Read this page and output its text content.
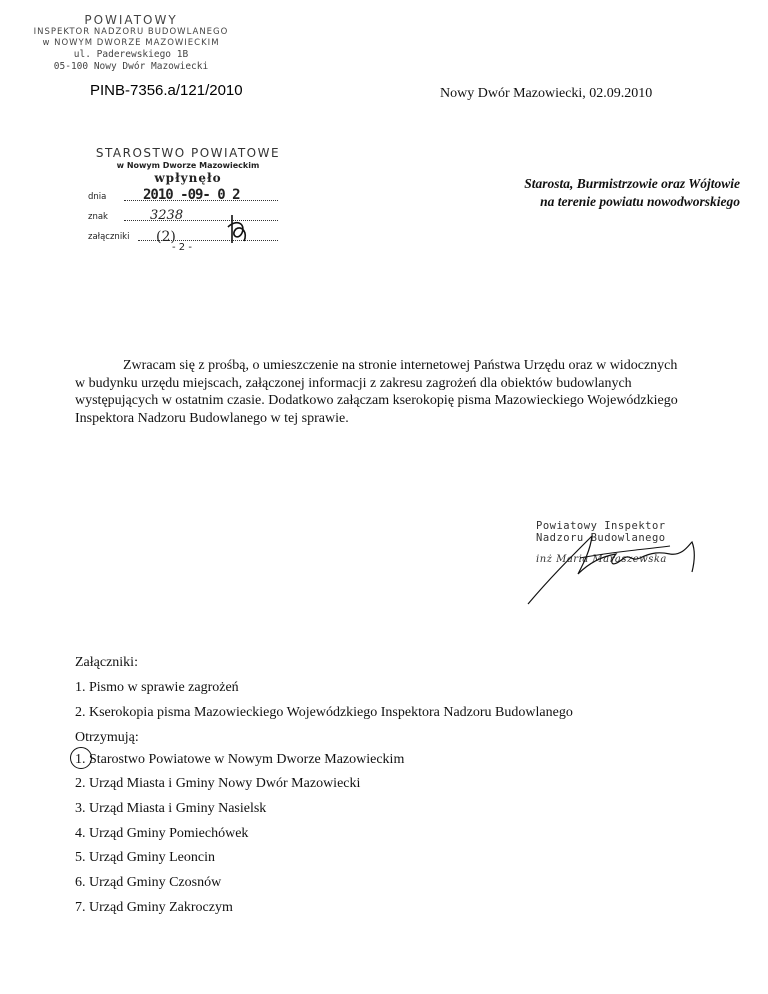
POWIATOWY
INSPEKTOR NADZORU BUDOWLANEGO
w NOWYM DWORZE MAZOWIECKIM
ul. Paderewskiego 1B
05-100 Nowy Dwór Mazowiecki
PINB-7356.a/121/2010	Nowy Dwór Mazowiecki, 02.09.2010
STAROSTWO POWIATOWE
w Nowym Dworze Mazowieckim
wpłynęło
dnia	2010 -09- 0 2
znak	3238
załączniki (2)
- 2 -
Starosta, Burmistrzowie oraz Wójtowie
na terenie powiatu nowodworskiego

Zwracam się z prośbą, o umieszczenie na stronie internetowej Państwa Urzędu oraz w widocznych w budynku urzędu miejscach, załączonej informacji z zakresu zagrożeń dla obiektów budowlanych występujących w ostatnim czasie. Dodatkowo załączam kserokopię pisma Mazowieckiego Wojewódzkiego Inspektora Nadzoru Budowlanego w tej sprawie.

Powiatowy Inspektor
Nadzoru Budowlanego
inż Maria Maraszewska
Załączniki:
1. Pismo w sprawie zagrożeń
2. Kserokopia pisma Mazowieckiego Wojewódzkiego Inspektora Nadzoru Budowlanego
Otrzymują:
1. Starostwo Powiatowe w Nowym Dworze Mazowieckim
2. Urząd Miasta i Gminy Nowy Dwór Mazowiecki
3. Urząd Miasta i Gminy Nasielsk
4. Urząd Gminy Pomiechówek
5. Urząd Gminy Leoncin
6. Urząd Gminy Czosnów
7. Urząd Gminy Zakroczym
